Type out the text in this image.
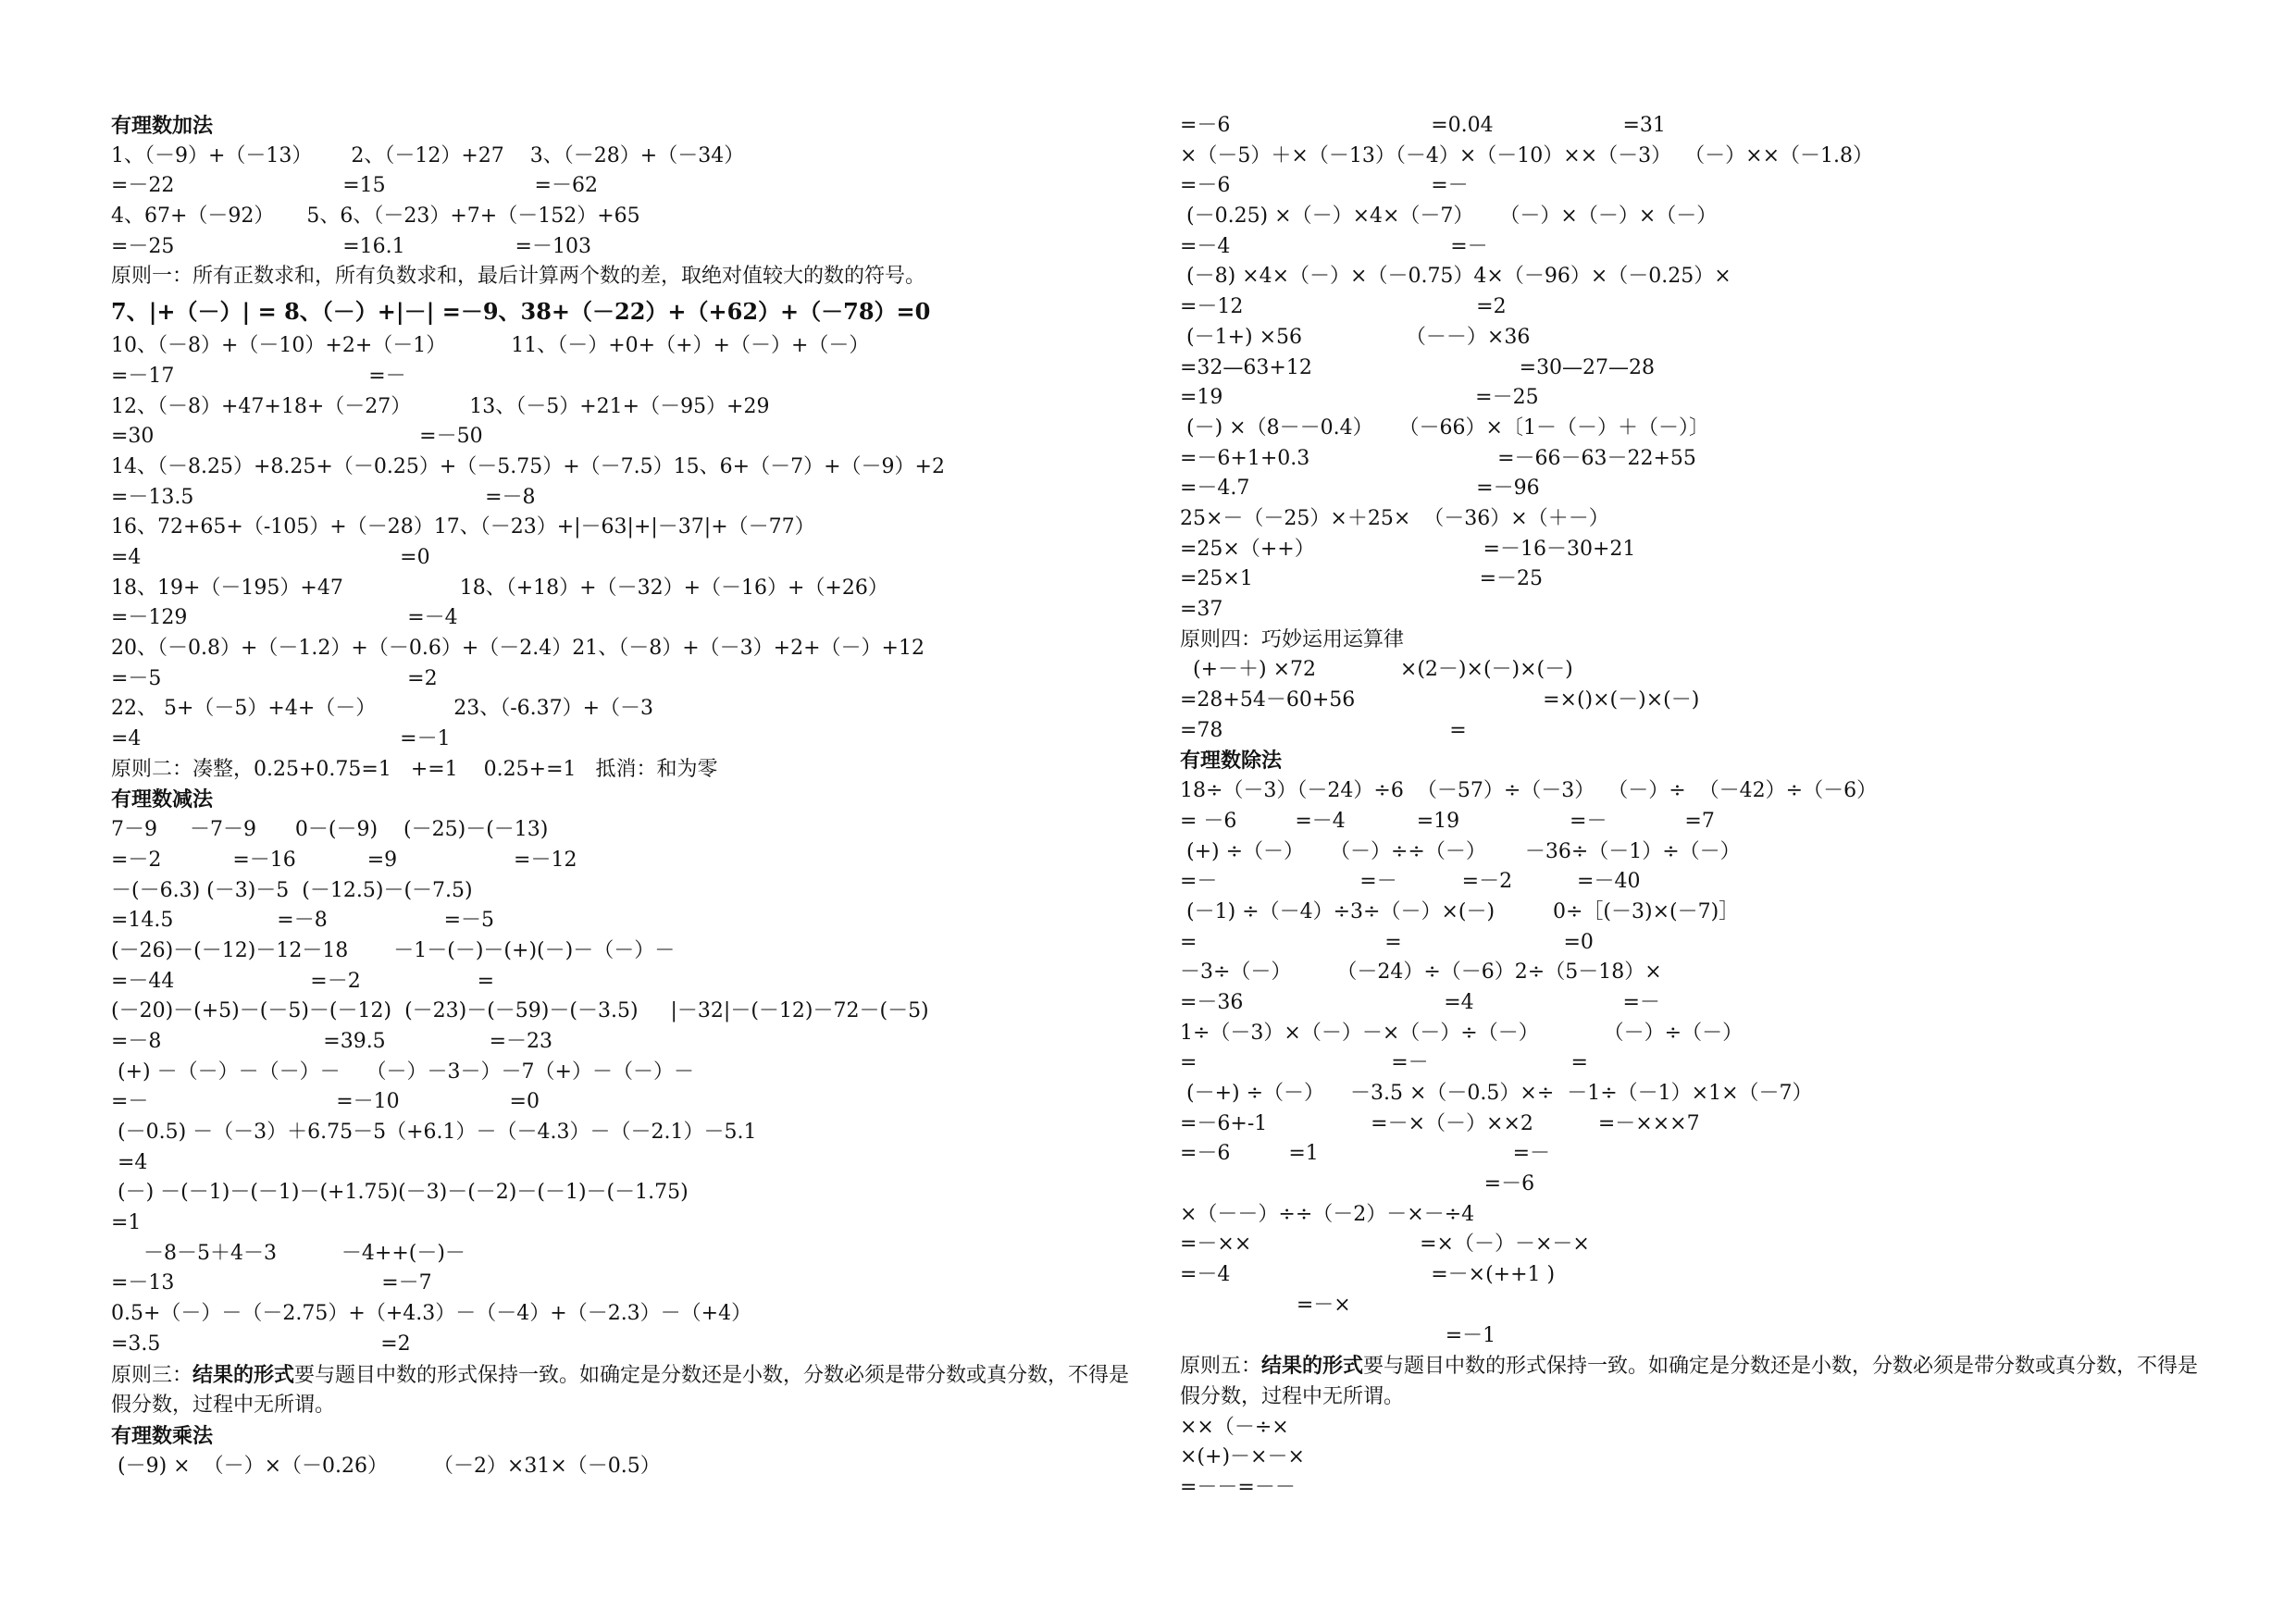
有理数加法
1、（－9）+（－13）      2、（－12）+27    3、（－28）+（－34）
=－22                          =15                       =－62
4、67+（－92）     5、6、（－23）+7+（－152）+65
=－25                          =16.1                 =－103
原则一：所有正数求和，所有负数求和，最后计算两个数的差，取绝对值较大的数的符号。
7、|+（－）| = 8、（－）+|－| =－9、38+（－22）+（+62）+（－78）=0
10、（－8）+（－10）+2+（－1）          11、（－）+0+（+）+（－）+（－）
=－17                              =－
12、（－8）+47+18+（－27）         13、（－5）+21+（－95）+29
=30                                         =－50
14、（－8.25）+8.25+（－0.25）+（－5.75）+（－7.5）15、6+（－7）+（－9）+2
=－13.5                                             =－8
16、72+65+（-105）+（－28）17、（－23）+|－63|+|－37|+（－77）
=4                                        =0
18、19+（－195）+47                  18、（+18）+（－32）+（－16）+（+26）
=－129                                  =－4
20、（－0.8）+（－1.2）+（－0.6）+（－2.4）21、（－8）+（－3）+2+（－）+12
=－5                                      =2
22、 5+（－5）+4+（－）            23、（-6.37）+（－3
=4                                        =－1
原则二：凑整，0.25+0.75=1   +=1    0.25+=1   抵消：和为零
有理数减法
7－9     －7－9      0－(－9)    (－25)－(－13)
=－2           =－16           =9                  =－12
－(－6.3) (－3)－5  (－12.5)－(－7.5)
=14.5                =－8                  =－5
(－26)－(－12)－12－18       －1－(－)－(+)(－)－（－）－
=－44                     =－2                  =
(－20)－(+5)－(－5)－(－12)  (－23)－(－59)－(－3.5)     |－32|－(－12)－72－(－5)
=－8                         =39.5                =－23
(+) －（－）－（－）－    （－）－3－）－7（+）－（－）－
=－                             =－10                 =0
(－0.5) －（－3）＋6.75－5（+6.1）－（－4.3）－（－2.1）－5.1
=4
(－) －(－1)－(－1)－(+1.75)(－3)－(－2)－(－1)－(－1.75)
=1
－8－5＋4－3          －4++(－)－
=－13                                =－7
0.5+（－）－（－2.75）+（+4.3）－（－4）+（－2.3）－（+4）
=3.5                                  =2
原则三：结果的形式要与题目中数的形式保持一致。如确定是分数还是小数，分数必须是带分数或真分数，不得是假分数，过程中无所谓。
有理数乘法
(－9) ×  （－）×（－0.26）       （－2）×31×（－0.5）
=－6                               =0.04                    =31
×（－5）＋×（－13）（－4）×（－10）××（－3）  （－）××（－1.8）
=－6                               =－
(－0.25) ×（－）×4×（－7）    （－）×（－）×（－）
=－4                                  =－
(－8) ×4×（－）×（－0.75）4×（－96）×（－0.25）×
=－12                                    =2
(－1+) ×56                （－－）×36
=32—63+12                                =30—27—28
=19                                       =－25
(－) ×（8－－0.4）    （－66）×〔1－（－）＋（－）〕
=－6+1+0.3                             =－66－63－22+55
=－4.7                                   =－96
25×－（－25）×＋25×  （－36）×（＋－）
=25×（++）                          =－16－30+21
=25×1                                   =－25
=37
原则四：巧妙运用运算律
(+－＋) ×72             ×(2－)×(－)×(－)
=28+54－60+56                             =×()×(－)×(－)
=78                                   =
有理数除法
18÷（－3）（－24）÷6  （－57）÷（－3）  （－）÷  （－42）÷（－6）
= －6         =－4           =19                 =－            =7
(+) ÷（－）    （－）÷÷（－）      －36÷（－1）÷（－）
=－                      =－          =－2          =－40
(－1) ÷（－4）÷3÷（－）×(－)         0÷［(－3)×(－7)］
=                             =                         =0
－3÷（－）       （－24）÷（－6）2÷（5－18）×
=－36                               =4                       =－
1÷（－3）×（－）－×（－）÷（－）          （－）÷（－）
=                              =－                      =
(－+) ÷（－）    －3.5 ×（－0.5）×÷  －1÷（－1）×1×（－7）
=－6+-1                =－×（－）××2          =－×××7
=－6         =1                              =－
=－6
×（－－）÷÷（－2）－×－÷4
=－××                          =×（－）－×－×
=－4                               =－×(++1 )
=－×
=－1
原则五：结果的形式要与题目中数的形式保持一致。如确定是分数还是小数，分数必须是带分数或真分数，不得是假分数，过程中无所谓。
××（－÷×
×(+)－×－×
=－－=－－
